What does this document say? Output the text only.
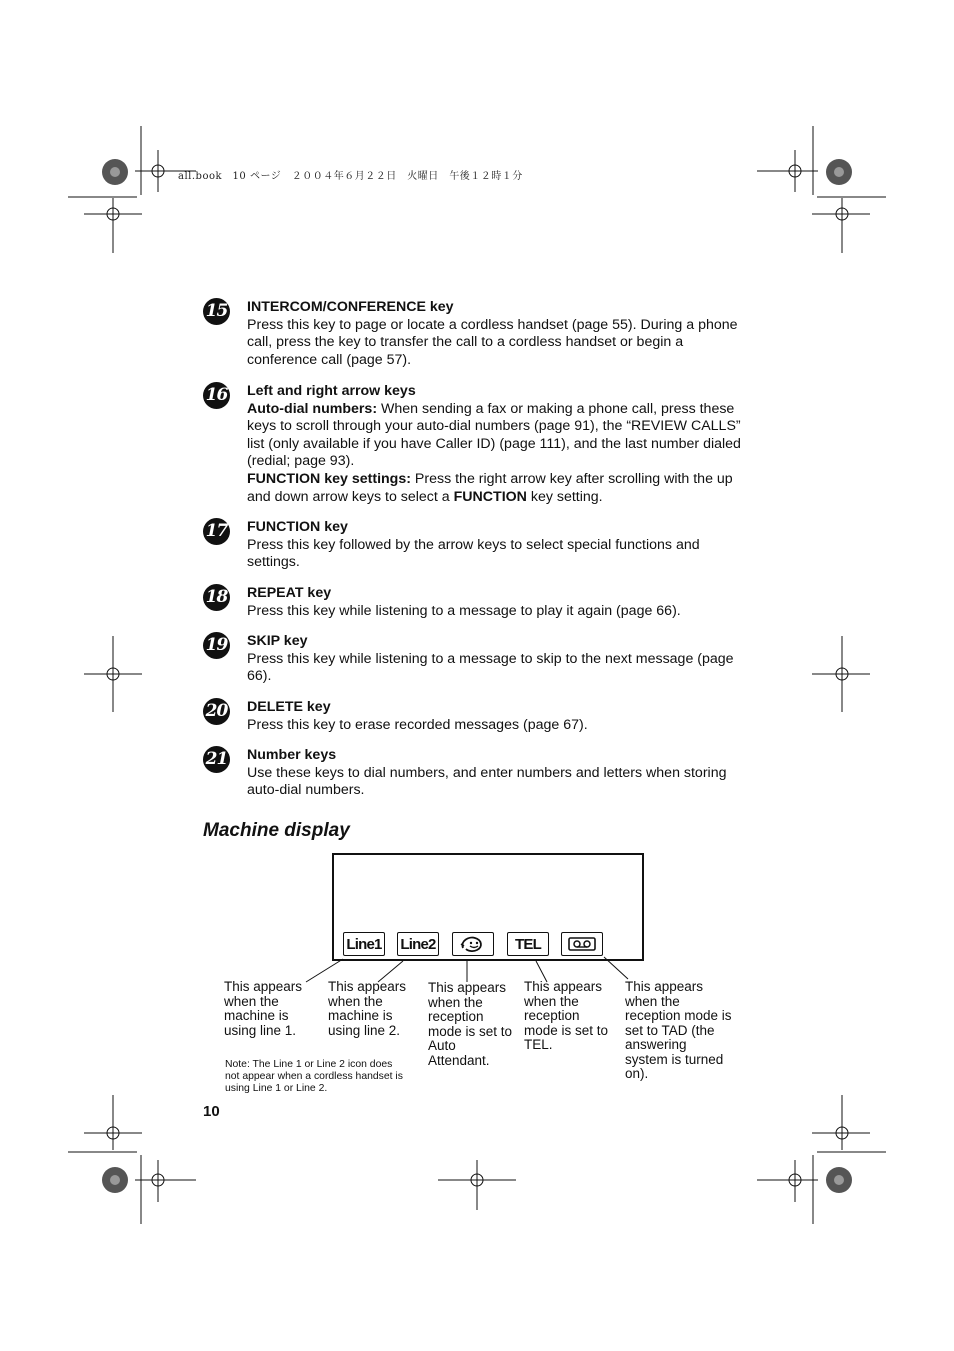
all.book　10 ページ　２００４年６月２２日　火曜日　午後１２時１分
15 INTERCOM/CONFERENCE key
Press this key to page or locate a cordless handset (page 55). During a phone call, press the key to transfer the call to a cordless handset or begin a conference call (page 57).
16 Left and right arrow keys
Auto-dial numbers: When sending a fax or making a phone call, press these keys to scroll through your auto-dial numbers (page 91), the “REVIEW CALLS” list (only available if you have Caller ID) (page 111), and the last number dialed (redial; page 93).
FUNCTION key settings: Press the right arrow key after scrolling with the up and down arrow keys to select a FUNCTION key setting.
17 FUNCTION key
Press this key followed by the arrow keys to select special functions and settings.
18 REPEAT key
Press this key while listening to a message to play it again (page 66).
19 SKIP key
Press this key while listening to a message to skip to the next message (page 66).
20 DELETE key
Press this key to erase recorded messages (page 67).
21 Number keys
Use these keys to dial numbers, and enter numbers and letters when storing auto-dial numbers.
Machine display
Line1 Line2	TEL
This appears when the machine is using line 1.
This appears when the machine is using line 2.
This appears when the reception mode is set to Auto Attendant.
This appears when the reception mode is set to TEL.
This appears when the reception mode is set to TAD (the answering system is turned on).
Note: The Line 1 or Line 2 icon does not appear when a cordless handset is using Line 1 or Line 2.
10
